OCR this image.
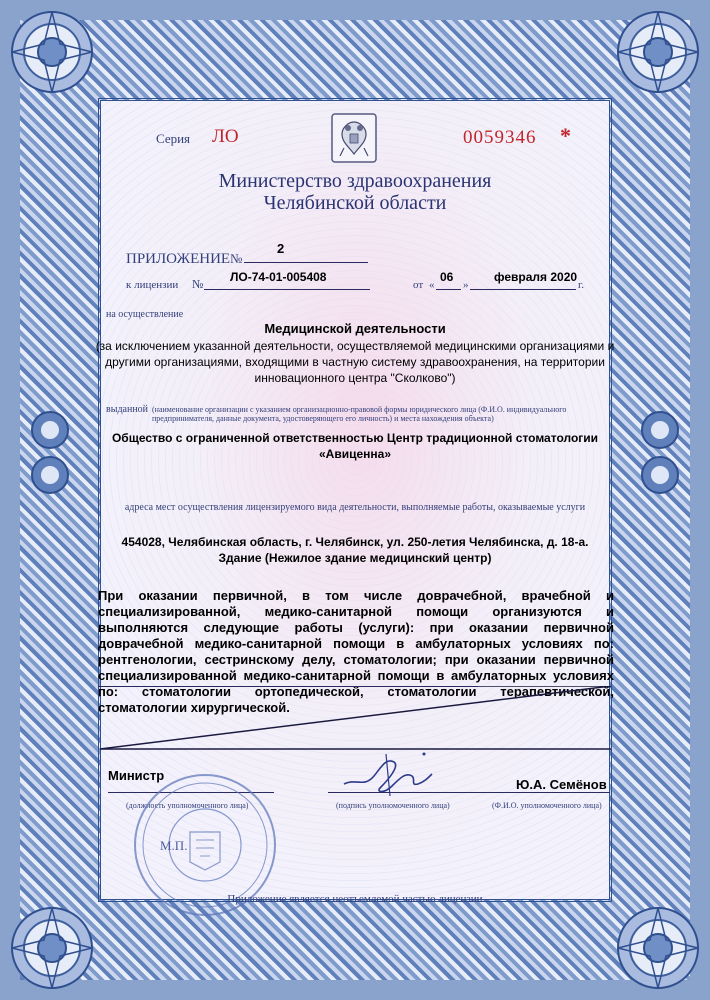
Серия ЛО	0059346 *
Министерство здравоохранения
Челябинской области
ПРИЛОЖЕНИЕ №
2
к лицензии № ЛО-74-01-005408
от «
06
»
февраля 2020
г.
на осуществление
Медицинской деятельности
(за исключением указанной деятельности, осуществляемой медицинскими организациями и другими организациями, входящими в частную систему здравоохранения, на территории инновационного центра "Сколково")
выданной (наименование организации с указанием организационно-правовой формы юридического лица (Ф.И.О. индивидуального предпринимателя, данные документа, удостоверяющего его личность) и места нахождения объекта)
Общество с ограниченной ответственностью Центр традиционной стоматологии
«Авиценна»
адреса мест осуществления лицензируемого вида деятельности, выполняемые работы, оказываемые услуги
454028, Челябинская область, г. Челябинск, ул. 250-летия Челябинска, д. 18-а.
Здание (Нежилое здание медицинский центр)
При оказании первичной, в том числе доврачебной, врачебной и специализированной, медико-санитарной помощи организуются и выполняются следующие работы (услуги): при оказании первичной доврачебной медико-санитарной помощи в амбулаторных условиях по: рентгенологии, сестринскому делу, стоматологии; при оказании первичной специализированной медико-санитарной помощи в амбулаторных условиях по: стоматологии ортопедической, стоматологии терапевтической, стоматологии хирургической.
Министр
(должность уполномоченного лица)	(подпись уполномоченного лица)
Ю.А. Семёнов
(Ф.И.О. уполномоченного лица)
М.П.
Приложение является неотъемлемой частью лицензии
